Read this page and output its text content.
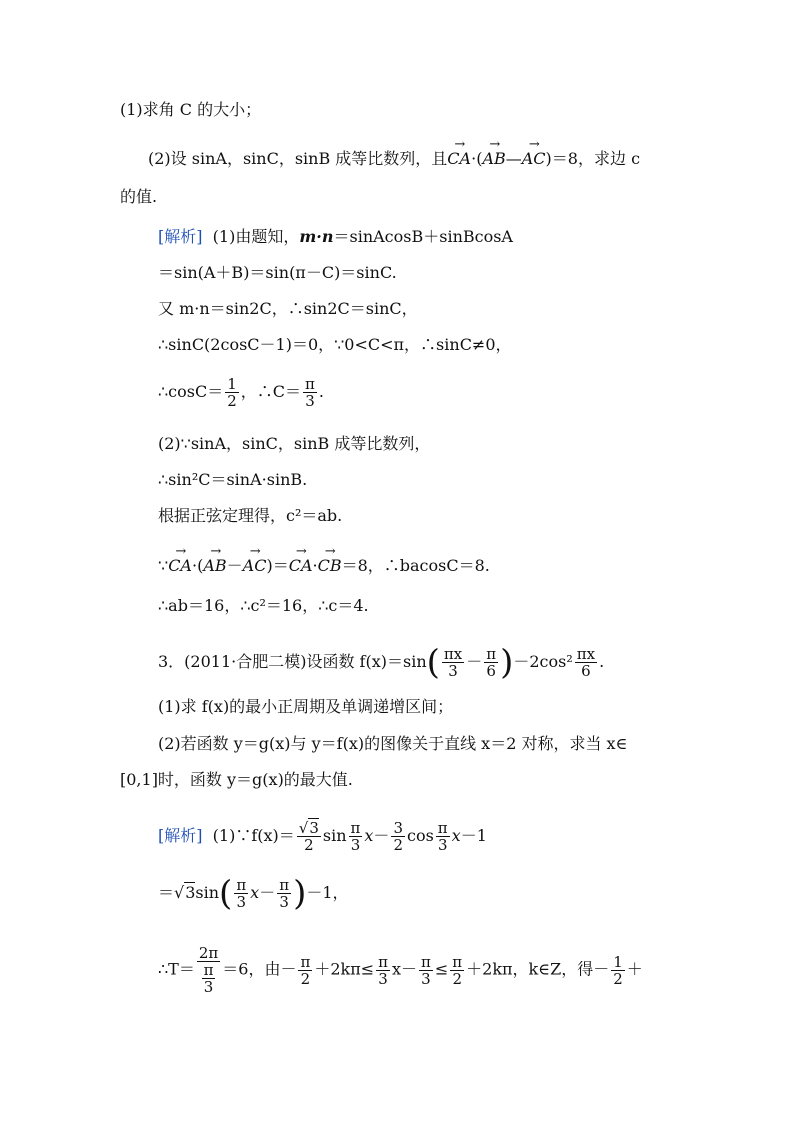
(1)求角 C 的大小；
(2)设 sinA，sinC，sinB 成等比数列，且→ CA·(→ AB—→ AC)＝8，求边 c
的值.
[解析] (1)由题知，m·n＝sinAcosB＋sinBcosA
＝sin(A＋B)＝sin(π－C)＝sinC.
又 m·n＝sin2C，∴sin2C＝sinC，
∴sinC(2cosC－1)＝0，∵0<C<π，∴sinC≠0，
∴cosC＝ $\frac{1}{2}$ ，∴C＝ $\frac{\pi}{3}$ .
(2)∵sinA，sinC，sinB 成等比数列，
∴sin²C＝sinA·sinB.
根据正弦定理得，c²＝ab.
∵→ CA·(→ AB－→ AC)＝→ CA·→ CB＝8，∴bacosC＝8.
∴ab＝16，∴c²＝16，∴c＝4.
3．(2011·合肥二模)设函数 $f(x)=\sin( \frac{\pi x}{3} - \frac{\pi}{6} )-2\cos^2 \frac{\pi x}{6}$ .
(1)求 f(x)的最小正周期及单调递增区间；
(2)若函数 y＝g(x)与 y＝f(x)的图像关于直线 x＝2 对称，求当 x∈
[0,1]时，函数 y＝g(x)的最大值.
[解析] (1)∵f(x)＝ $\frac{√3}{2}$ $\sin \frac{\pi}{3} x- \frac{3}{2}$ $\cos \frac{\pi}{3} x-1$
$=√3\sin( \frac{\pi}{3} x- \frac{\pi}{3} )-1$，
∴T＝ $\frac{2\pi}{\frac{\pi}{3}} =6$，由－ $\frac{\pi}{2} +2k\pi\le \frac{\pi}{3} x- \frac{\pi}{3} \le \frac{\pi}{2} +2k\pi$，k∈Z，得－ $\frac{1}{2}$ ＋
